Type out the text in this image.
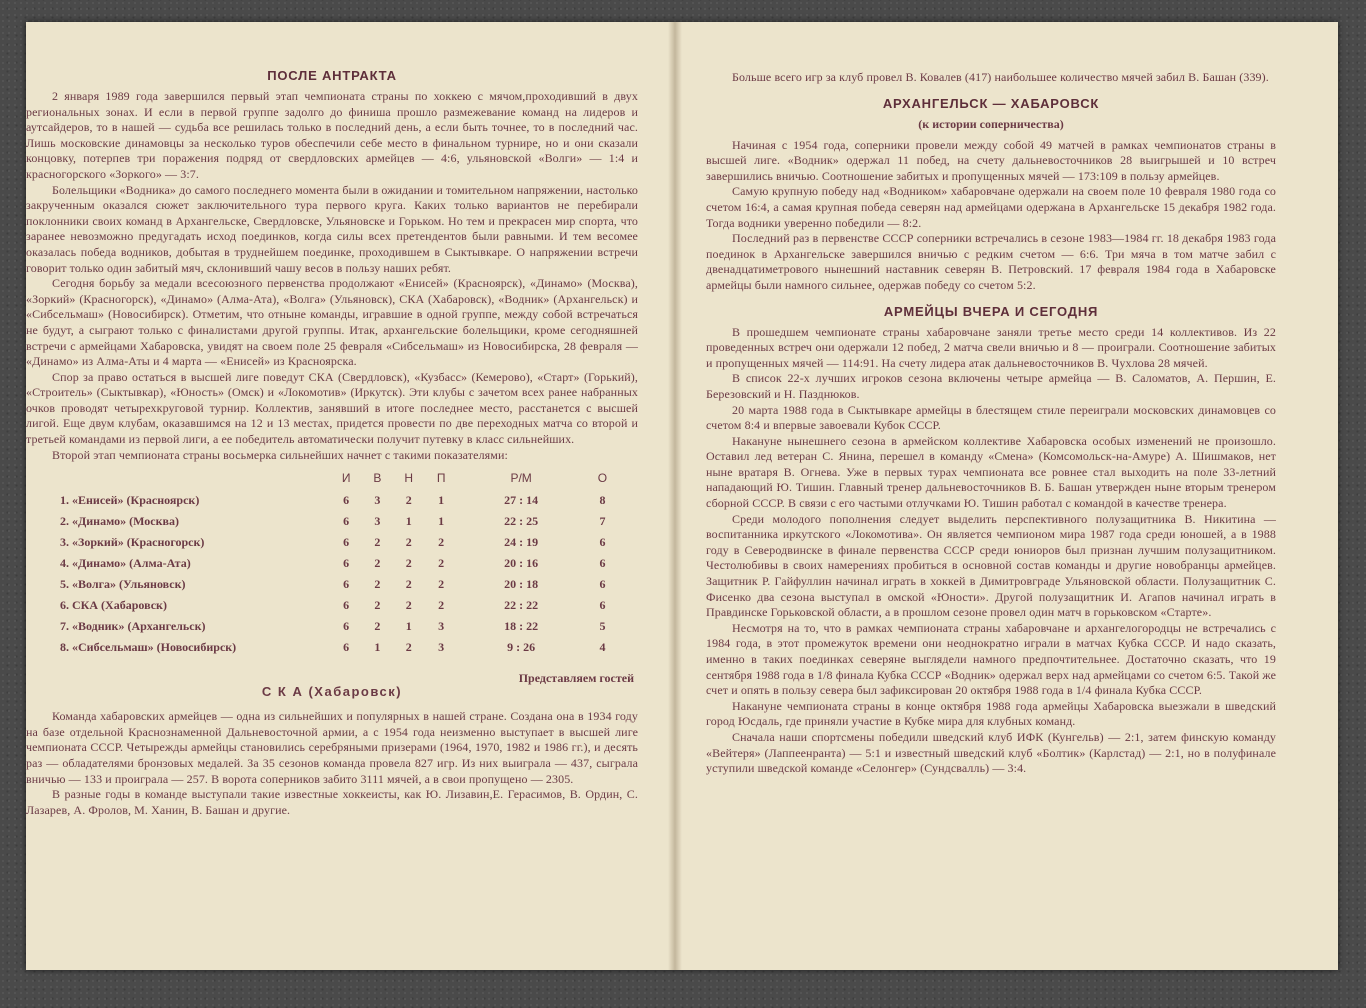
ПОСЛЕ АНТРАКТА

2 января 1989 года завершился первый этап чемпионата страны по хоккею с мячом,проходивший в двух региональных зонах. И если в первой группе задолго до финиша прошло размежевание команд на лидеров и аутсайдеров, то в нашей — судьба все решилась только в последний день, а если быть точнее, то в последний час. Лишь московские динамовцы за несколько туров обеспечили себе место в финальном турнире, но и они сказали концовку, потерпев три поражения подряд от свердловских армейцев — 4:6, ульяновской «Волги» — 1:4 и красногорского «Зоркого» — 3:7.

Болельщики «Водника» до самого последнего момента были в ожидании и томительном напряжении, настолько закрученным оказался сюжет заключительного тура первого круга. Каких только вариантов не перебирали поклонники своих команд в Архангельске, Свердловске, Ульяновске и Горьком. Но тем и прекрасен мир спорта, что заранее невозможно предугадать исход поединков, когда силы всех претендентов были равными. И тем весомее оказалась победа водников, добытая в труднейшем поединке, проходившем в Сыктывкаре. О напряжении встречи говорит только один забитый мяч, склонивший чашу весов в пользу наших ребят.

Сегодня борьбу за медали всесоюзного первенства продолжают «Енисей» (Красноярск), «Динамо» (Москва), «Зоркий» (Красногорск), «Динамо» (Алма-Ата), «Волга» (Ульяновск), СКА (Хабаровск), «Водник» (Архангельск) и «Сибсельмаш» (Новосибирск). Отметим, что отныне команды, игравшие в одной группе, между собой встречаться не будут, а сыграют только с финалистами другой группы. Итак, архангельские болельщики, кроме сегодняшней встречи с армейцами Хабаровска, увидят на своем поле 25 февраля «Сибсельмаш» из Новосибирска, 28 февраля — «Динамо» из Алма-Аты и 4 марта — «Енисей» из Красноярска.

Спор за право остаться в высшей лиге поведут СКА (Свердловск), «Кузбасс» (Кемерово), «Старт» (Горький), «Строитель» (Сыктывкар), «Юность» (Омск) и «Локомотив» (Иркутск). Эти клубы с зачетом всех ранее набранных очков проводят четырехкруговой турнир. Коллектив, занявший в итоге последнее место, расстанется с высшей лигой. Еще двум клубам, оказавшимся на 12 и 13 местах, придется провести по две переходных матча со второй и третьей командами из первой лиги, а ее победитель автоматически получит путевку в класс сильнейших.

Второй этап чемпионата страны восьмерка сильнейших начнет с такими показателями:

	И	В	Н	П	Р/М	О
1. «Енисей» (Красноярск)	6	3	2	1	27 : 14	8
2. «Динамо» (Москва)	6	3	1	1	22 : 25	7
3. «Зоркий» (Красногорск)	6	2	2	2	24 : 19	6
4. «Динамо» (Алма-Ата)	6	2	2	2	20 : 16	6
5. «Волга» (Ульяновск)	6	2	2	2	20 : 18	6
6. СКА (Хабаровск)	6	2	2	2	22 : 22	6
7. «Водник» (Архангельск)	6	2	1	3	18 : 22	5
8. «Сибсельмаш» (Новосибирск)	6	1	2	3	9 : 26	4
Представляем гостей
С К А (Хабаровск)

Команда хабаровских армейцев — одна из сильнейших и популярных в нашей стране. Создана она в 1934 году на базе отдельной Краснознаменной Дальневосточной армии, а с 1954 года неизменно выступает в высшей лиге чемпионата СССР. Четырежды армейцы становились серебряными призерами (1964, 1970, 1982 и 1986 гг.), и десять раз — обладателями бронзовых медалей. За 35 сезонов команда провела 827 игр. Из них выиграла — 437, сыграла вничью — 133 и проиграла — 257. В ворота соперников забито 3111 мячей, а в свои пропущено — 2305.

В разные годы в команде выступали такие известные хоккеисты, как Ю. Лизавин,Е. Герасимов, В. Ордин, С. Лазарев, А. Фролов, М. Ханин, В. Башан и другие.

Больше всего игр за клуб провел В. Ковалев (417) наибольшее количество мячей забил В. Башан (339).

АРХАНГЕЛЬСК — ХАБАРОВСК
(к истории соперничества)

Начиная с 1954 года, соперники провели между собой 49 матчей в рамках чемпионатов страны в высшей лиге. «Водник» одержал 11 побед, на счету дальневосточников 28 выигрышей и 10 встреч завершились вничью. Соотношение забитых и пропущенных мячей — 173:109 в пользу армейцев.

Самую крупную победу над «Водником» хабаровчане одержали на своем поле 10 февраля 1980 года со счетом 16:4, а самая крупная победа северян над армейцами одержана в Архангельске 15 декабря 1982 года. Тогда водники уверенно победили — 8:2.

Последний раз в первенстве СССР соперники встречались в сезоне 1983—1984 гг. 18 декабря 1983 года поединок в Архангельске завершился вничью с редким счетом — 6:6. Три мяча в том матче забил с двенадцатиметрового нынешний наставник северян В. Петровский. 17 февраля 1984 года в Хабаровске армейцы были намного сильнее, одержав победу со счетом 5:2.

АРМЕЙЦЫ ВЧЕРА И СЕГОДНЯ

В прошедшем чемпионате страны хабаровчане заняли третье место среди 14 коллективов. Из 22 проведенных встреч они одержали 12 побед, 2 матча свели вничью и 8 — проиграли. Соотношение забитых и пропущенных мячей — 114:91. На счету лидера атак дальневосточников В. Чухлова 28 мячей.

В список 22-х лучших игроков сезона включены четыре армейца — В. Саломатов, А. Першин, Е. Березовский и Н. Пазднюков.

20 марта 1988 года в Сыктывкаре армейцы в блестящем стиле переиграли московских динамовцев со счетом 8:4 и впервые завоевали Кубок СССР.

Накануне нынешнего сезона в армейском коллективе Хабаровска особых изменений не произошло. Оставил лед ветеран С. Янина, перешел в команду «Смена» (Комсомольск-на-Амуре) А. Шишмаков, нет ныне вратаря В. Огнева. Уже в первых турах чемпионата все ровнее стал выходить на поле 33-летний нападающий Ю. Тишин. Главный тренер дальневосточников В. Б. Башан утвержден ныне вторым тренером сборной СССР. В связи с его частыми отлучками Ю. Тишин работал с командой в качестве тренера.

Среди молодого пополнения следует выделить перспективного полузащитника В. Никитина — воспитанника иркутского «Локомотива». Он является чемпионом мира 1987 года среди юношей, а в 1988 году в Северодвинске в финале первенства СССР среди юниоров был признан лучшим полузащитником. Честолюбивы в своих намерениях пробиться в основной состав команды и другие новобранцы армейцев. Защитник Р. Гайфуллин начинал играть в хоккей в Димитровграде Ульяновской области. Полузащитник С. Фисенко два сезона выступал в омской «Юности». Другой полузащитник И. Агапов начинал играть в Правдинске Горьковской области, а в прошлом сезоне провел один матч в горьковском «Старте».

Несмотря на то, что в рамках чемпионата страны хабаровчане и архангелогородцы не встречались с 1984 года, в этот промежуток времени они неоднократно играли в матчах Кубка СССР. И надо сказать, именно в таких поединках северяне выглядели намного предпочтительнее. Достаточно сказать, что 19 сентября 1988 года в 1/8 финала Кубка СССР «Водник» одержал верх над армейцами со счетом 6:5. Такой же счет и опять в пользу севера был зафиксирован 20 октября 1988 года в 1/4 финала Кубка СССР.

Накануне чемпионата страны в конце октября 1988 года армейцы Хабаровска выезжали в шведский город Юсдаль, где приняли участие в Кубке мира для клубных команд.

Сначала наши спортсмены победили шведский клуб ИФК (Кунгельв) — 2:1, затем финскую команду «Вейтеря» (Лаппеенранта) — 5:1 и известный шведский клуб «Болтик» (Карлстад) — 2:1, но в полуфинале уступили шведской команде «Селонгер» (Сундсвалль) — 3:4.
